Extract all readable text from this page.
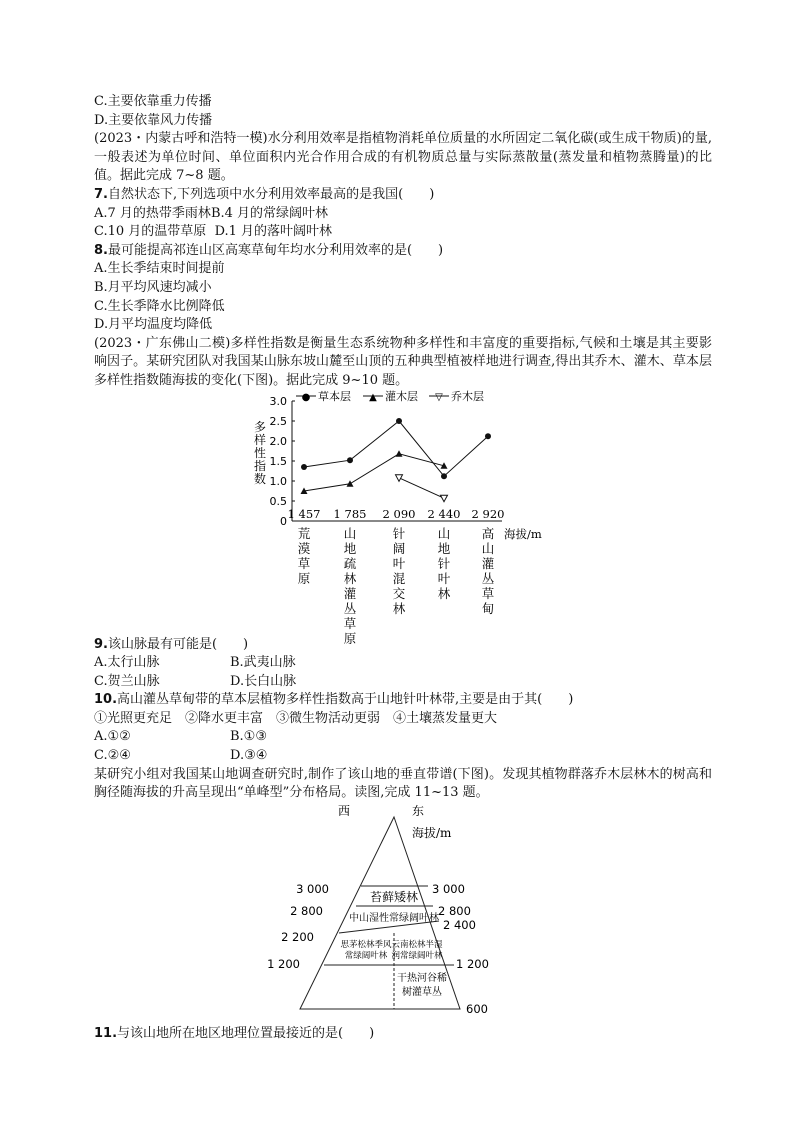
C.主要依靠重力传播
D.主要依靠风力传播
(2023・内蒙古呼和浩特一模)水分利用效率是指植物消耗单位质量的水所固定二氧化碳(或生成干物质)的量,一般表述为单位时间、单位面积内光合作用合成的有机物质总量与实际蒸散量(蒸发量和植物蒸腾量)的比值。据此完成 7~8 题。
7.自然状态下,下列选项中水分利用效率最高的是我国(　　)
A.7 月的热带季雨林B.4 月的常绿阔叶林
C.10 月的温带草原 D.1 月的落叶阔叶林
8.最可能提高祁连山区高寒草甸年均水分利用效率的是(　　)
A.生长季结束时间提前
B.月平均风速均减小
C.生长季降水比例降低
D.月平均温度均降低
(2023・广东佛山二模)多样性指数是衡量生态系统物种多样性和丰富度的重要指标,气候和土壤是其主要影响因子。某研究团队对我国某山脉东坡山麓至山顶的五种典型植被样地进行调查,得出其乔木、灌木、草本层多样性指数随海拔的变化(下图)。据此完成 9~10 题。
0
0.5
1.0
1.5
2.0
2.5
3.0
多
样
性
指
数
● 草本层 ▲ 灌木层 ▽ 乔木层
1 457 1 785 2 090 2 440 2 920
海拔/m
荒
漠
草
原
山
地
疏
林
灌
丛
草
原
针
阔
叶
混
交
林
山
地
针
叶
林
高
山
灌
丛
草
甸
9.该山脉最有可能是(　　)
A.太行山脉	B.武夷山脉
C.贺兰山脉	D.长白山脉
10.高山灌丛草甸带的草本层植物多样性指数高于山地针叶林带,主要是由于其(　　)
①光照更充足　②降水更丰富　③微生物活动更弱　④土壤蒸发量更大
A.①②	B.①③
C.②④	D.③④
某研究小组对我国某山地调查研究时,制作了该山地的垂直带谱(下图)。发现其植物群落乔木层林木的树高和胸径随海拔的升高呈现出“单峰型”分布格局。读图,完成 11~13 题。
西	东
海拔/m
3 000
2 800
2 200
1 200
3 000
2 800
2 400
1 200
600
苔藓矮林
中山湿性常绿阔叶林
思茅松林季风
常绿阔叶林
云南松林半湿
润常绿阔叶林
干热河谷稀
树灌草丛
11.与该山地所在地区地理位置最接近的是(　　)
